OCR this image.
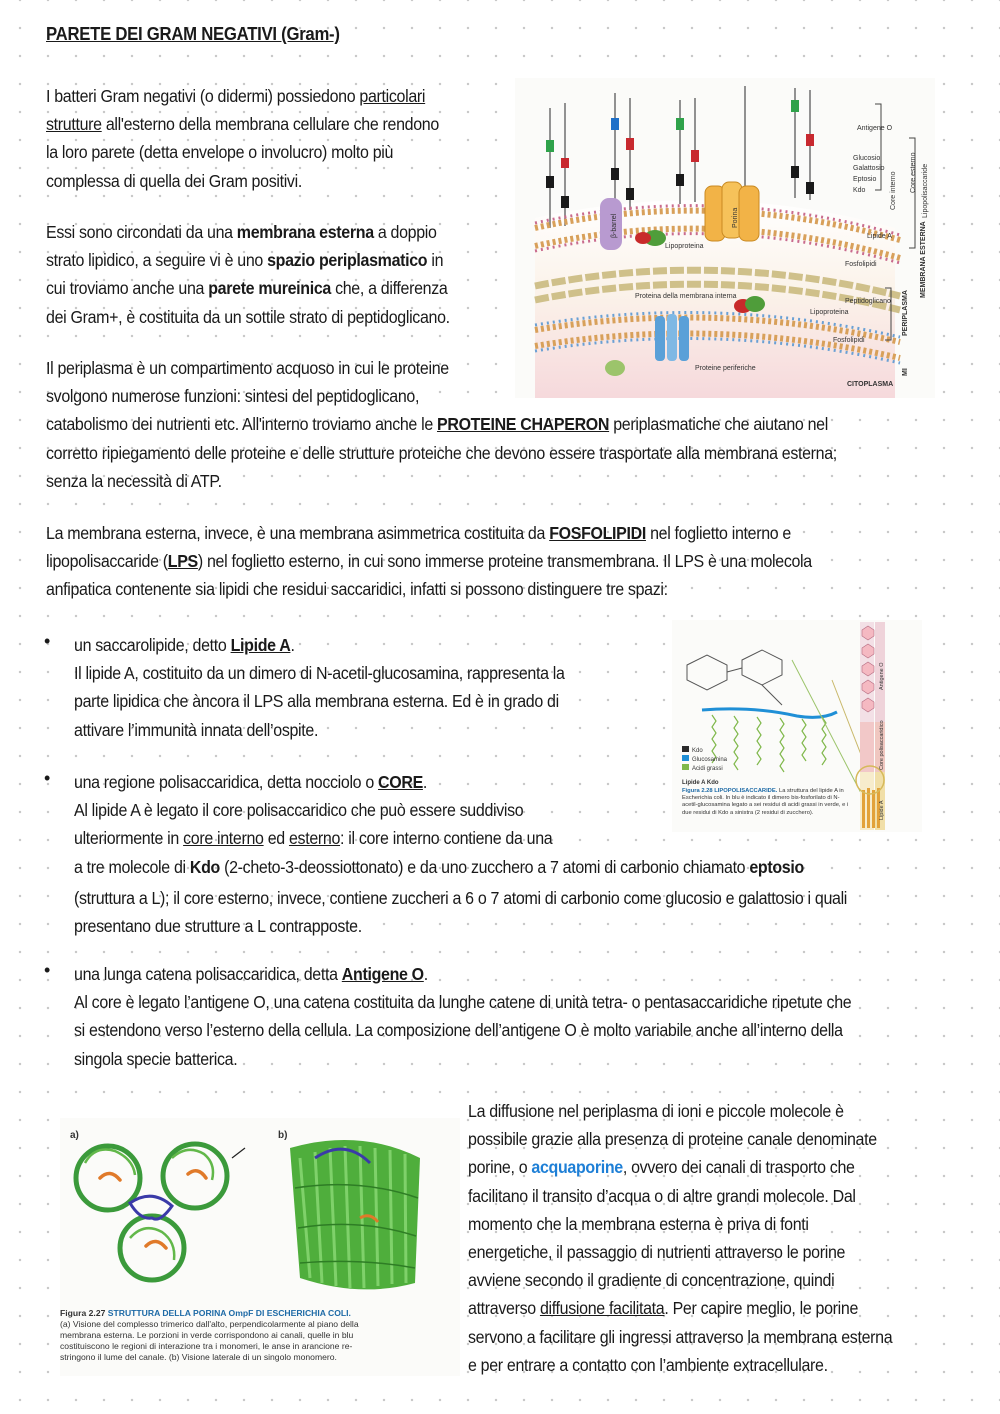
PARETE DEI GRAM NEGATIVI (Gram-)
I batteri Gram negativi (o didermi) possiedono particolari
strutture all'esterno della membrana cellulare che rendono
la loro parete (detta envelope o involucro) molto più
complessa di quella dei Gram positivi.
Essi sono circondati da una membrana esterna a doppio
strato lipidico, a seguire vi è uno spazio periplasmatico in
cui troviamo anche una parete mureinica che, a differenza
dei Gram+, è costituita da un sottile strato di peptidoglicano.
Il periplasma è un compartimento acquoso in cui le proteine
svolgono numerose funzioni: sintesi del peptidoglicano,
catabolismo dei nutrienti etc. All'interno troviamo anche le PROTEINE CHAPERON periplasmatiche che aiutano nel
corretto ripiegamento delle proteine e delle strutture proteiche che devono essere trasportate alla membrana esterna;
senza la necessità di ATP.
La membrana esterna, invece, è una membrana asimmetrica costituita da FOSFOLIPIDI nel foglietto interno e
lipopolisaccaride (LPS) nel foglietto esterno, in cui sono immerse proteine transmembrana. Il LPS è una molecola
anfipatica contenente sia lipidi che residui saccaridici, infatti si possono distinguere tre spazi:
• un saccarolipide, detto Lipide A.
Il lipide A, costituito da un dimero di N-acetil-glucosamina, rappresenta la
parte lipidica che àncora il LPS alla membrana esterna. Ed è in grado di
attivare l’immunità innata dell’ospite.
• una regione polisaccaridica, detta nocciolo o CORE.
Al lipide A è legato il core polisaccaridico che può essere suddiviso
ulteriormente in core interno ed esterno: il core interno contiene da una
a tre molecole di Kdo (2-cheto-3-deossiottonato) e da uno zucchero a 7 atomi di carbonio chiamato eptosio
(struttura a L); il core esterno, invece, contiene zuccheri a 6 o 7 atomi di carbonio come glucosio e galattosio i quali
presentano due strutture a L contrapposte.
• una lunga catena polisaccaridica, detta Antigene O.
Al core è legato l’antigene O, una catena costituita da lunghe catene di unità tetra- o pentasaccaridiche ripetute che
si estendono verso l’esterno della cellula. La composizione dell’antigene O è molto variabile anche all’interno della
singola specie batterica.
La diffusione nel periplasma di ioni e piccole molecole è
possibile grazie alla presenza di proteine canale denominate
porine, o acquaporine, ovvero dei canali di trasporto che
facilitano il transito d’acqua o di altre grandi molecole. Dal
momento che la membrana esterna è priva di fonti
energetiche, il passaggio di nutrienti attraverso le porine
avviene secondo il gradiente di concentrazione, quindi
attraverso diffusione facilitata. Per capire meglio, le porine
servono a facilitare gli ingressi attraverso la membrana esterna
e per entrare a contatto con l’ambiente extracellulare.
Antigene O
Glucosio
Galattosio
Eptosio
Kdo
Lipide A
Fosfolipidi
Peptidoglicano
Lipoproteina
Fosfolipidi
Lipoproteina
Proteina della membrana interna
Proteine periferiche
CITOPLASMA
Core esterno
Core interno	Lipopolisaccaride
MEMBRANA ESTERNA
PERIPLASMA
MI
β-barrel	Porina
Kdo
Glucosamina
Acidi grassi
Lipide A Kdo
Antigene O
Core polisaccaridico
Lipide A
Figura 2.28 LIPOPOLISACCARIDE. La struttura del lipide A in Escherichia coli. In blu è indicato il dimero bis-fosforilato di N-acetil-glucosamina legato a sei residui di acidi grassi in verde, e i due residui di Kdo a sinistra (2 residui di zucchero).
a)	b)
Figura 2.27 STRUTTURA DELLA PORINA OmpF DI ESCHERICHIA COLI.
(a) Visione del complesso trimerico dall'alto, perpendicolarmente al piano della
membrana esterna. Le porzioni in verde corrispondono ai canali, quelle in blu
costituiscono le regioni di interazione tra i monomeri, le anse in arancione re-
stringono il lume del canale. (b) Visione laterale di un singolo monomero.
